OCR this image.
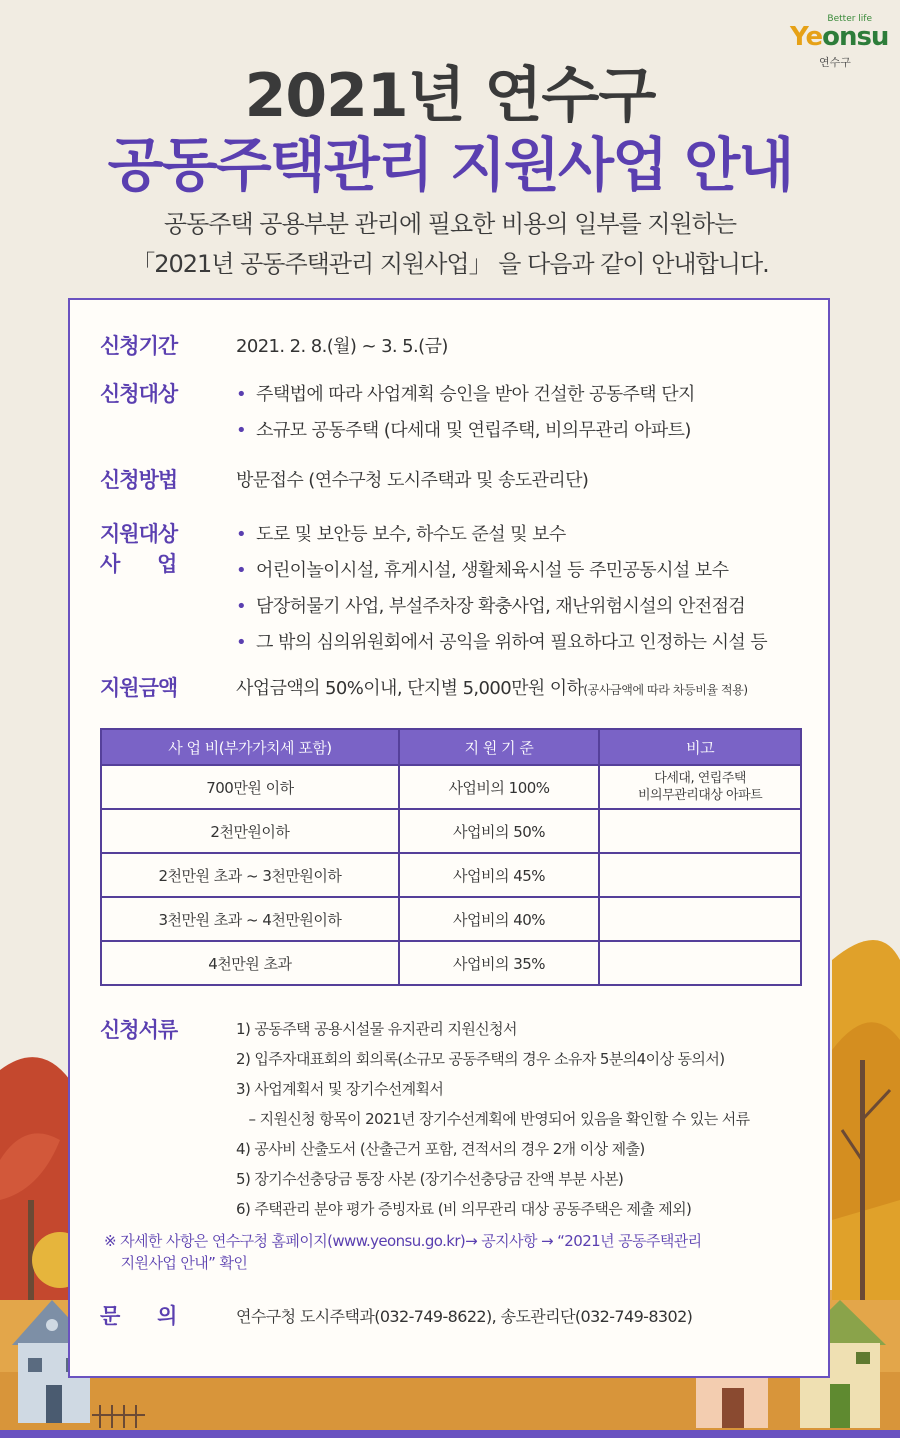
Better life
Yeonsu
연수구
2021년 연수구
공동주택관리 지원사업 안내
공동주택 공용부분 관리에 필요한 비용의 일부를 지원하는
「2021년 공동주택관리 지원사업」 을 다음과 같이 안내합니다.
신청기간	2021. 2. 8.(월) ~ 3. 5.(금)
신청대상	• 주택법에 따라 사업계획 승인을 받아 건설한 공동주택 단지
• 소규모 공동주택 (다세대 및 연립주택, 비의무관리 아파트)
신청방법	방문접수 (연수구청 도시주택과 및 송도관리단)
지원대상
사      업
• 도로 및 보안등 보수, 하수도 준설 및 보수
• 어린이놀이시설, 휴게시설, 생활체육시설 등 주민공동시설 보수
• 담장허물기 사업, 부설주차장 확충사업, 재난위험시설의 안전점검
• 그 밖의 심의위원회에서 공익을 위하여 필요하다고 인정하는 시설 등
지원금액	사업금액의 50%이내, 단지별 5,000만원 이하(공사금액에 따라 차등비율 적용)
사 업 비(부가가치세 포함)	지 원 기 준	비고
700만원 이하	사업비의 100%	다세대, 연립주택
비의무관리대상 아파트

2천만원이하	사업비의 50%	

2천만원 초과 ~ 3천만원이하	사업비의 45%	

3천만원 초과 ~ 4천만원이하	사업비의 40%	

4천만원 초과	사업비의 35%	
신청서류	1) 공동주택 공용시설물 유지관리 지원신청서
2) 입주자대표회의 회의록(소규모 공동주택의 경우 소유자 5분의4이상 동의서)
3) 사업계획서 및 장기수선계획서
– 지원신청 항목이 2021년 장기수선계획에 반영되어 있음을 확인할 수 있는 서류
4) 공사비 산출도서 (산출근거 포함, 견적서의 경우 2개 이상 제출)
5) 장기수선충당금 통장 사본 (장기수선충당금 잔액 부분 사본)
6) 주택관리 분야 평가 증빙자료 (비 의무관리 대상 공동주택은 제출 제외)
※ 자세한 사항은 연수구청 홈페이지(www.yeonsu.go.kr)→ 공지사항 → “2021년 공동주택관리
지원사업 안내” 확인
문      의	연수구청 도시주택과(032-749-8622), 송도관리단(032-749-8302)
